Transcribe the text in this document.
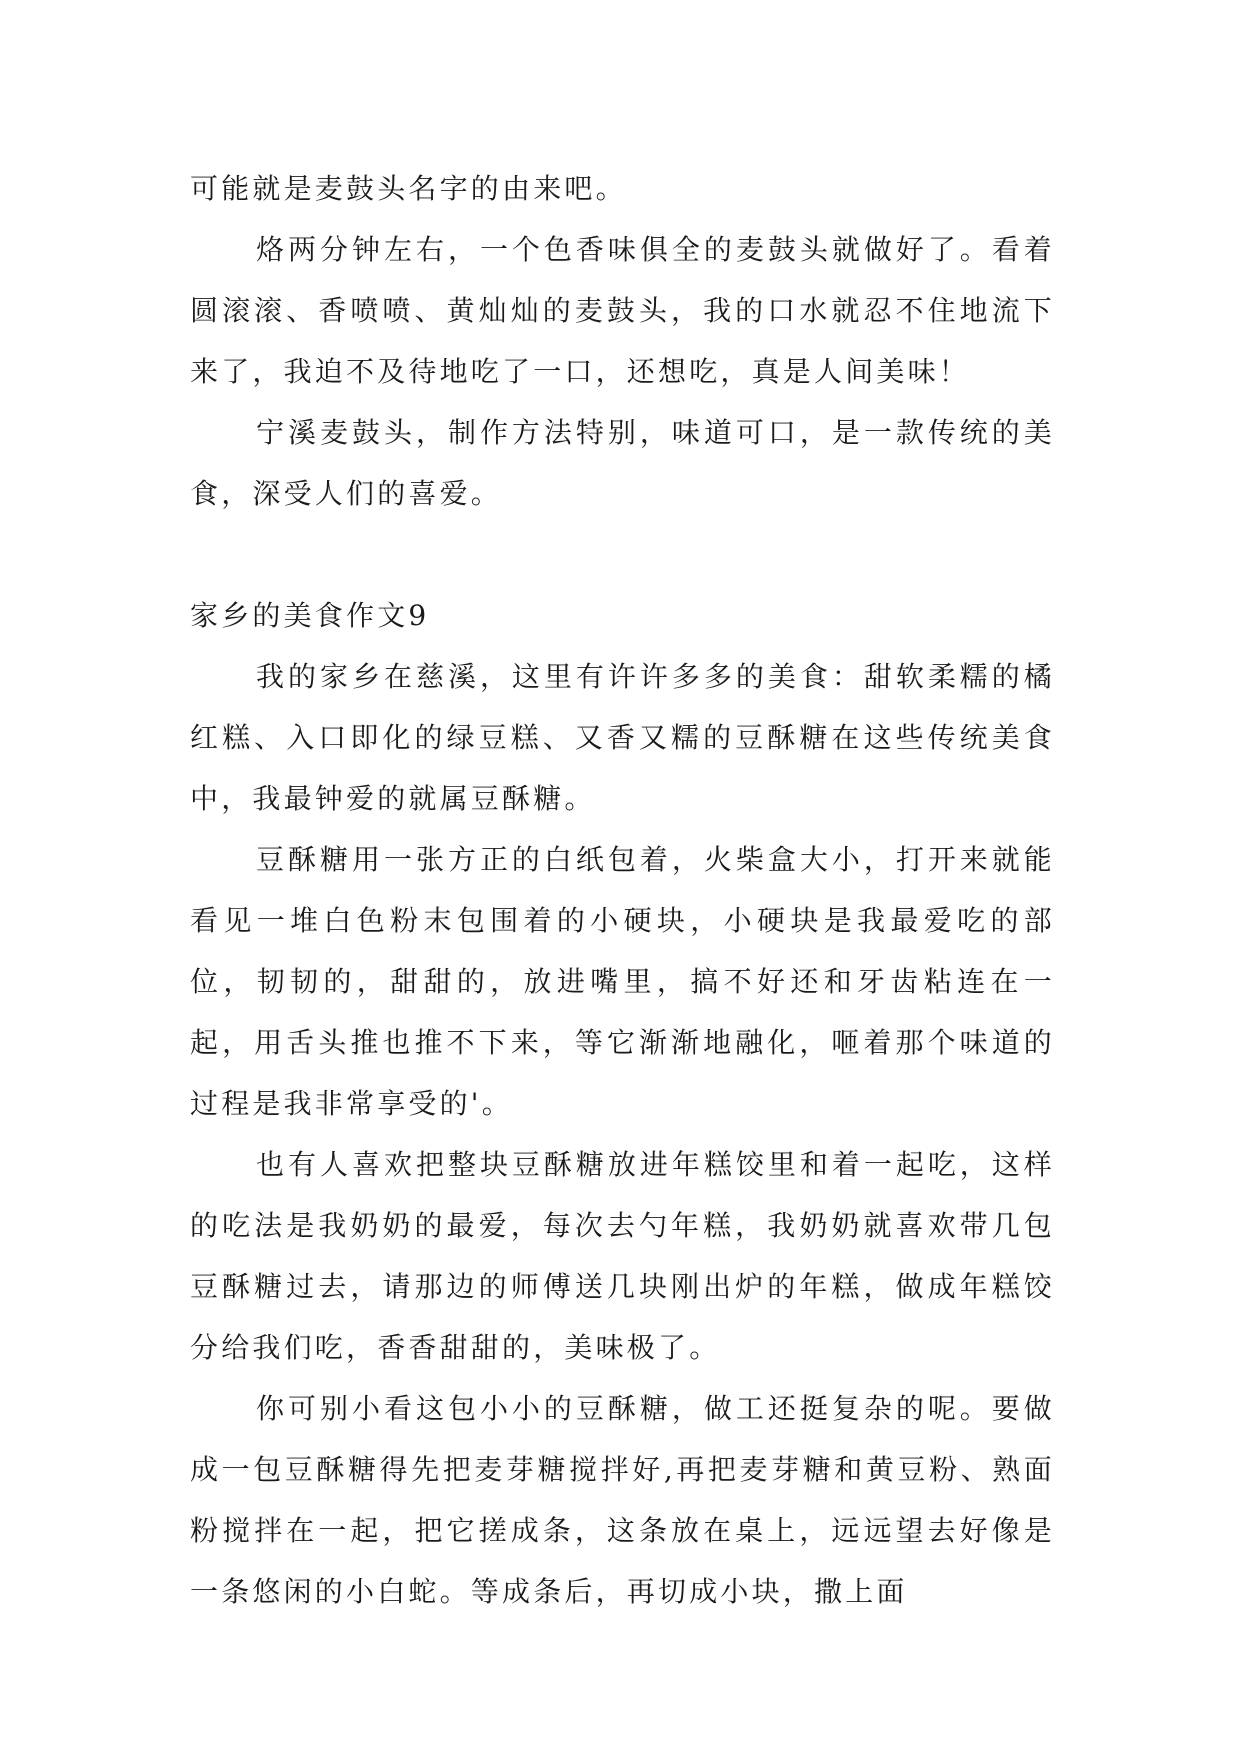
可能就是麦鼓头名字的由来吧。

烙两分钟左右，一个色香味俱全的麦鼓头就做好了。看着圆滚滚、香喷喷、黄灿灿的麦鼓头，我的口水就忍不住地流下来了，我迫不及待地吃了一口，还想吃，真是人间美味！

宁溪麦鼓头，制作方法特别，味道可口，是一款传统的美食，深受人们的喜爱。

家乡的美食作文9

我的家乡在慈溪，这里有许许多多的美食：甜软柔糯的橘红糕、入口即化的绿豆糕、又香又糯的豆酥糖在这些传统美食中，我最钟爱的就属豆酥糖。

豆酥糖用一张方正的白纸包着，火柴盒大小，打开来就能看见一堆白色粉末包围着的小硬块，小硬块是我最爱吃的部位，韧韧的，甜甜的，放进嘴里，搞不好还和牙齿粘连在一起，用舌头推也推不下来，等它渐渐地融化，咂着那个味道的过程是我非常享受的'。

也有人喜欢把整块豆酥糖放进年糕饺里和着一起吃，这样的吃法是我奶奶的最爱，每次去勺年糕，我奶奶就喜欢带几包豆酥糖过去，请那边的师傅送几块刚出炉的年糕，做成年糕饺分给我们吃，香香甜甜的，美味极了。

你可别小看这包小小的豆酥糖，做工还挺复杂的呢。要做成一包豆酥糖得先把麦芽糖搅拌好,再把麦芽糖和黄豆粉、熟面粉搅拌在一起，把它搓成条，这条放在桌上，远远望去好像是一条悠闲的小白蛇。等成条后，再切成小块，撒上面
